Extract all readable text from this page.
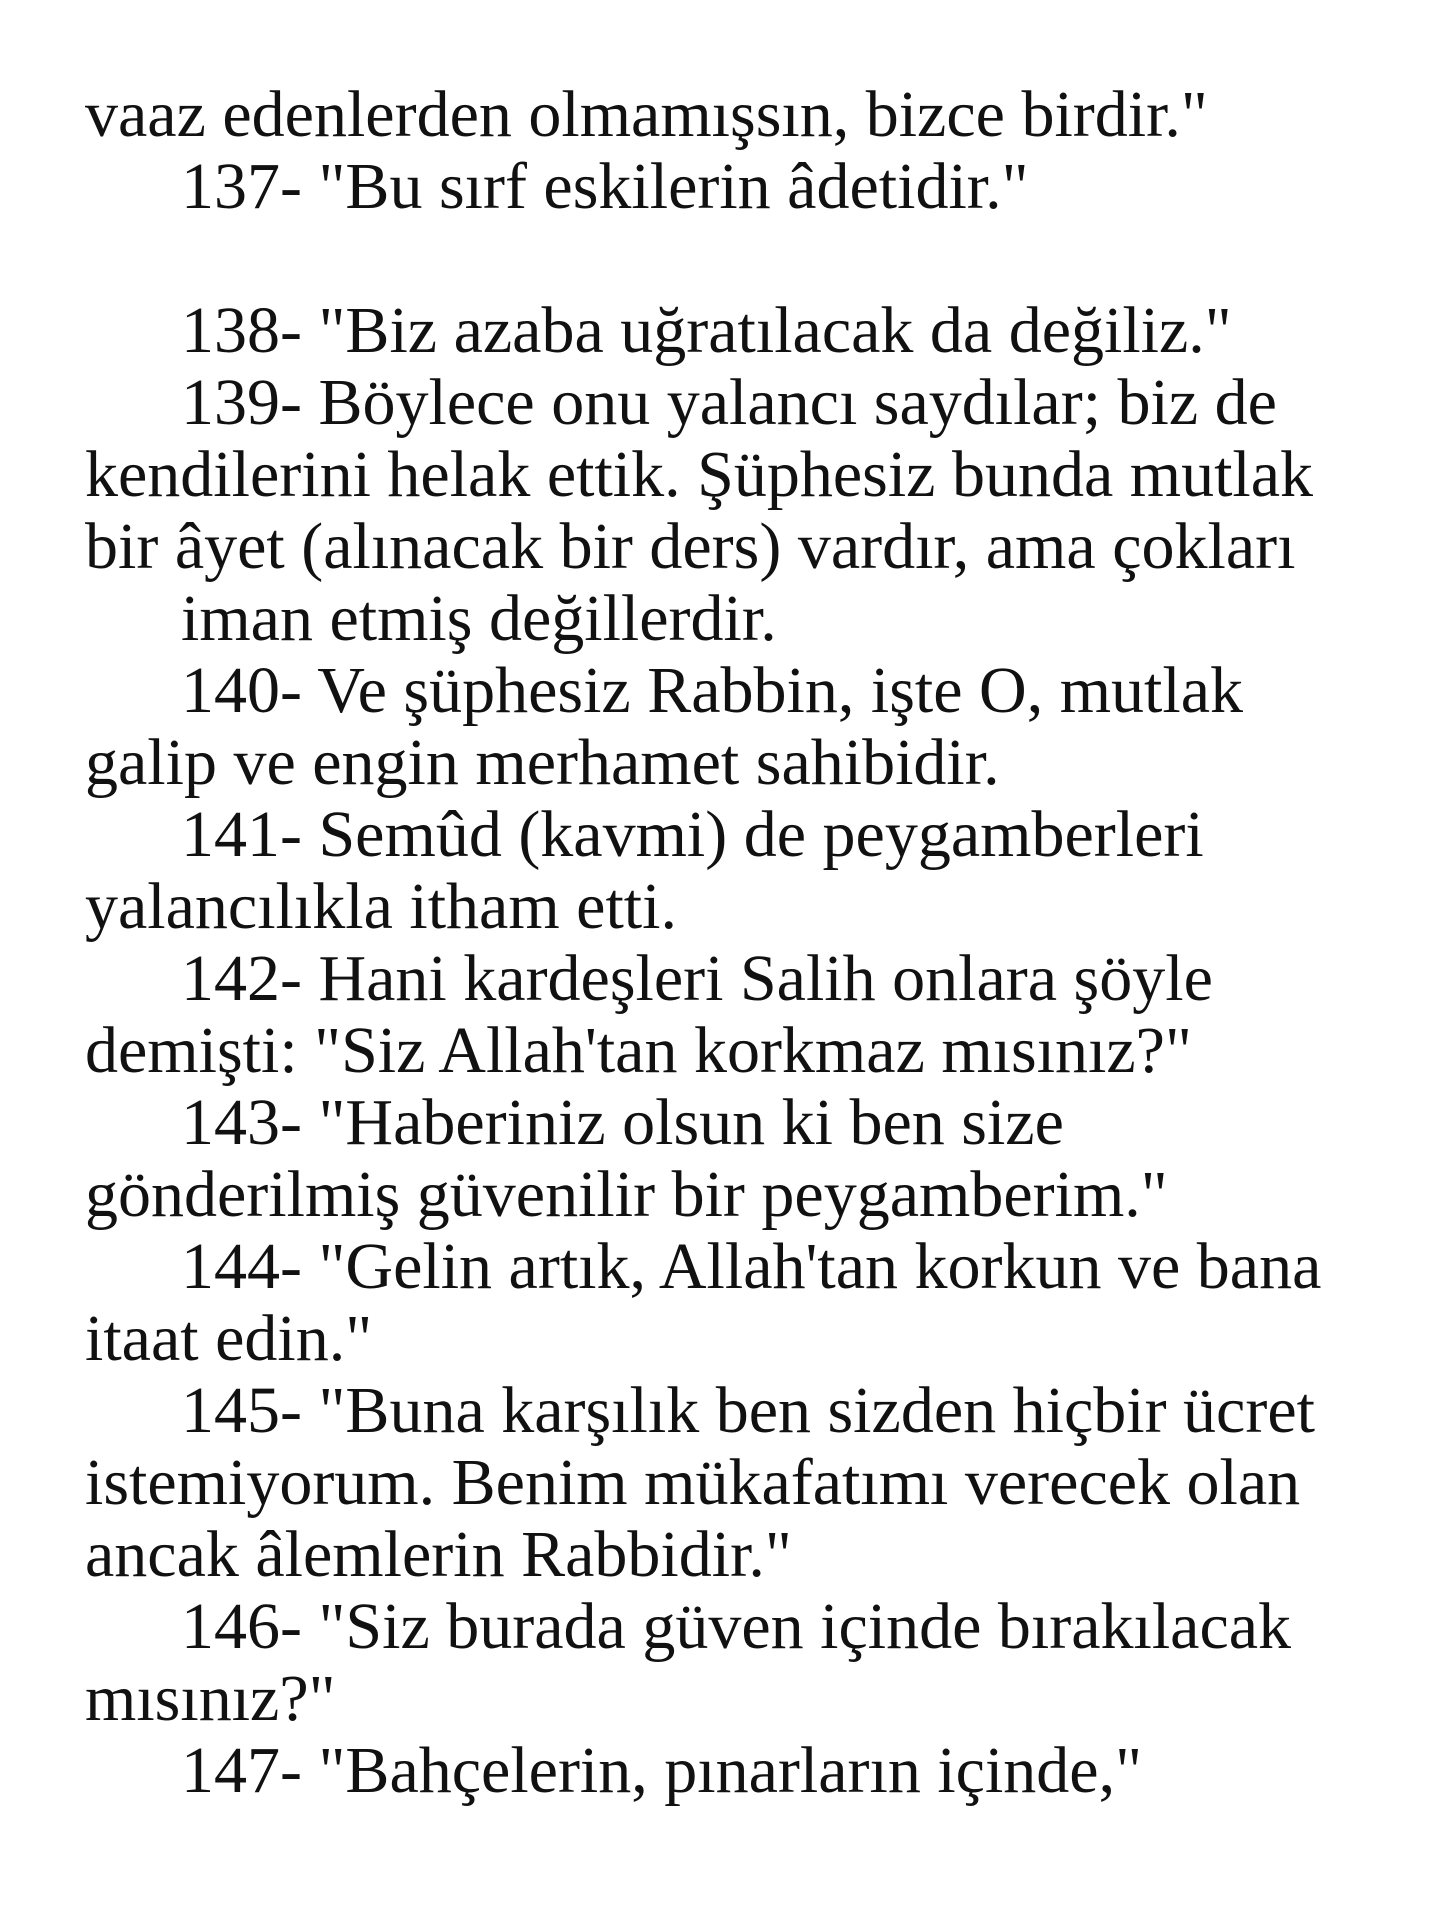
vaaz edenlerden olmamışsın, bizce birdir."
137- "Bu sırf eskilerin âdetidir."
138- "Biz azaba uğratılacak da değiliz."
139- Böylece onu yalancı saydılar; biz de
kendilerini helak ettik. Şüphesiz bunda mutlak
bir âyet (alınacak bir ders) vardır, ama çokları
iman etmiş değillerdir.
140- Ve şüphesiz Rabbin, işte O, mutlak
galip ve engin merhamet sahibidir.
141- Semûd (kavmi) de peygamberleri
yalancılıkla itham etti.
142- Hani kardeşleri Salih onlara şöyle
demişti: "Siz Allah'tan korkmaz mısınız?"
143- "Haberiniz olsun ki ben size
gönderilmiş güvenilir bir peygamberim."
144- "Gelin artık, Allah'tan korkun ve bana
itaat edin."
145- "Buna karşılık ben sizden hiçbir ücret
istemiyorum. Benim mükafatımı verecek olan
ancak âlemlerin Rabbidir."
146- "Siz burada güven içinde bırakılacak
mısınız?"
147- "Bahçelerin, pınarların içinde,"
